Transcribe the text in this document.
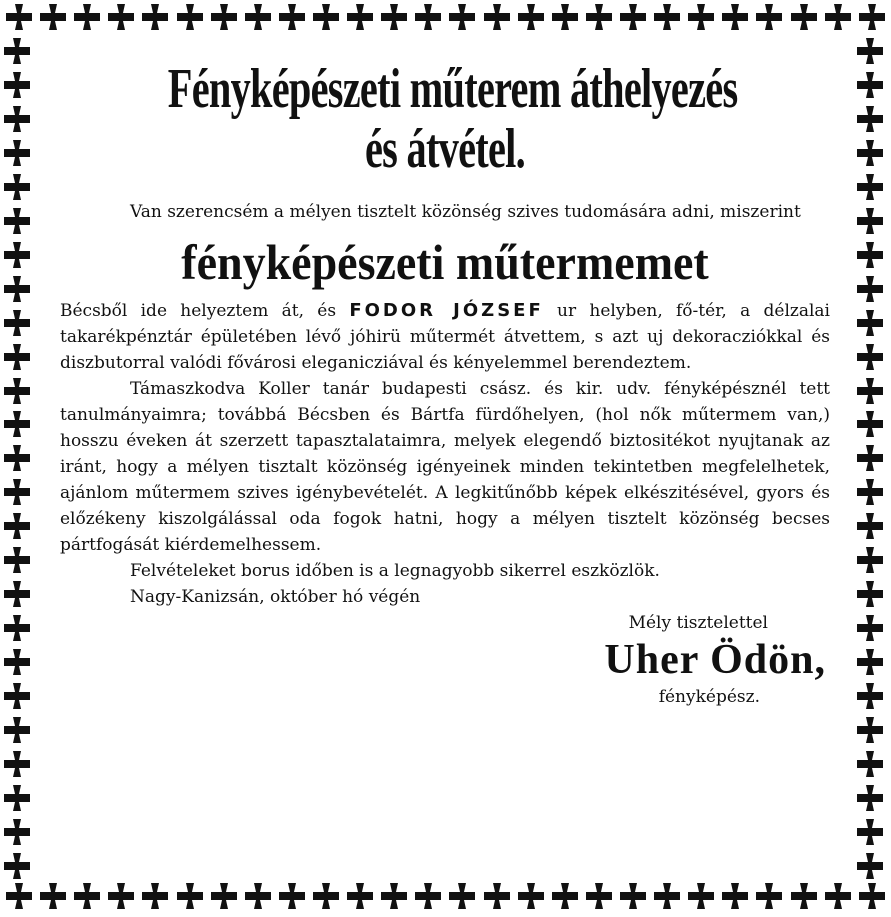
Fényképészeti műterem áthelyezés
és átvétel.

Van szerencsém a mélyen tisztelt közönség szives tudomására adni, miszerint

fényképészeti műtermemet

Bécsből ide helyeztem át, és FODOR JÓZSEF ur helyben, fő-tér, a délzalai takarékpénztár épületében lévő jóhirü műtermét átvettem, s azt uj dekoracziókkal és diszbutorral valódi fővárosi eleganicziával és kényelemmel berendeztem.

Támaszkodva Koller tanár budapesti csász. és kir. udv. fényképésznél tett tanulmányaimra; továbbá Bécsben és Bártfa fürdőhelyen, (hol nők műtermem van,) hosszu éveken át szerzett tapasztalataimra, melyek elegendő biztositékot nyujtanak az iránt, hogy a mélyen tisztalt közönség igényeinek minden tekintetben megfelelhetek, ajánlom műtermem szives igénybevételét. A legkitűnőbb képek elkészitésével, gyors és előzékeny kiszolgálással oda fogok hatni, hogy a mélyen tisztelt közönség becses pártfogását kiérdemelhessem.

Felvételeket borus időben is a legnagyobb sikerrel eszközlök.

Nagy-Kanizsán, október hó végén

Mély tisztelettel

Uher Ödön,

fényképész.
